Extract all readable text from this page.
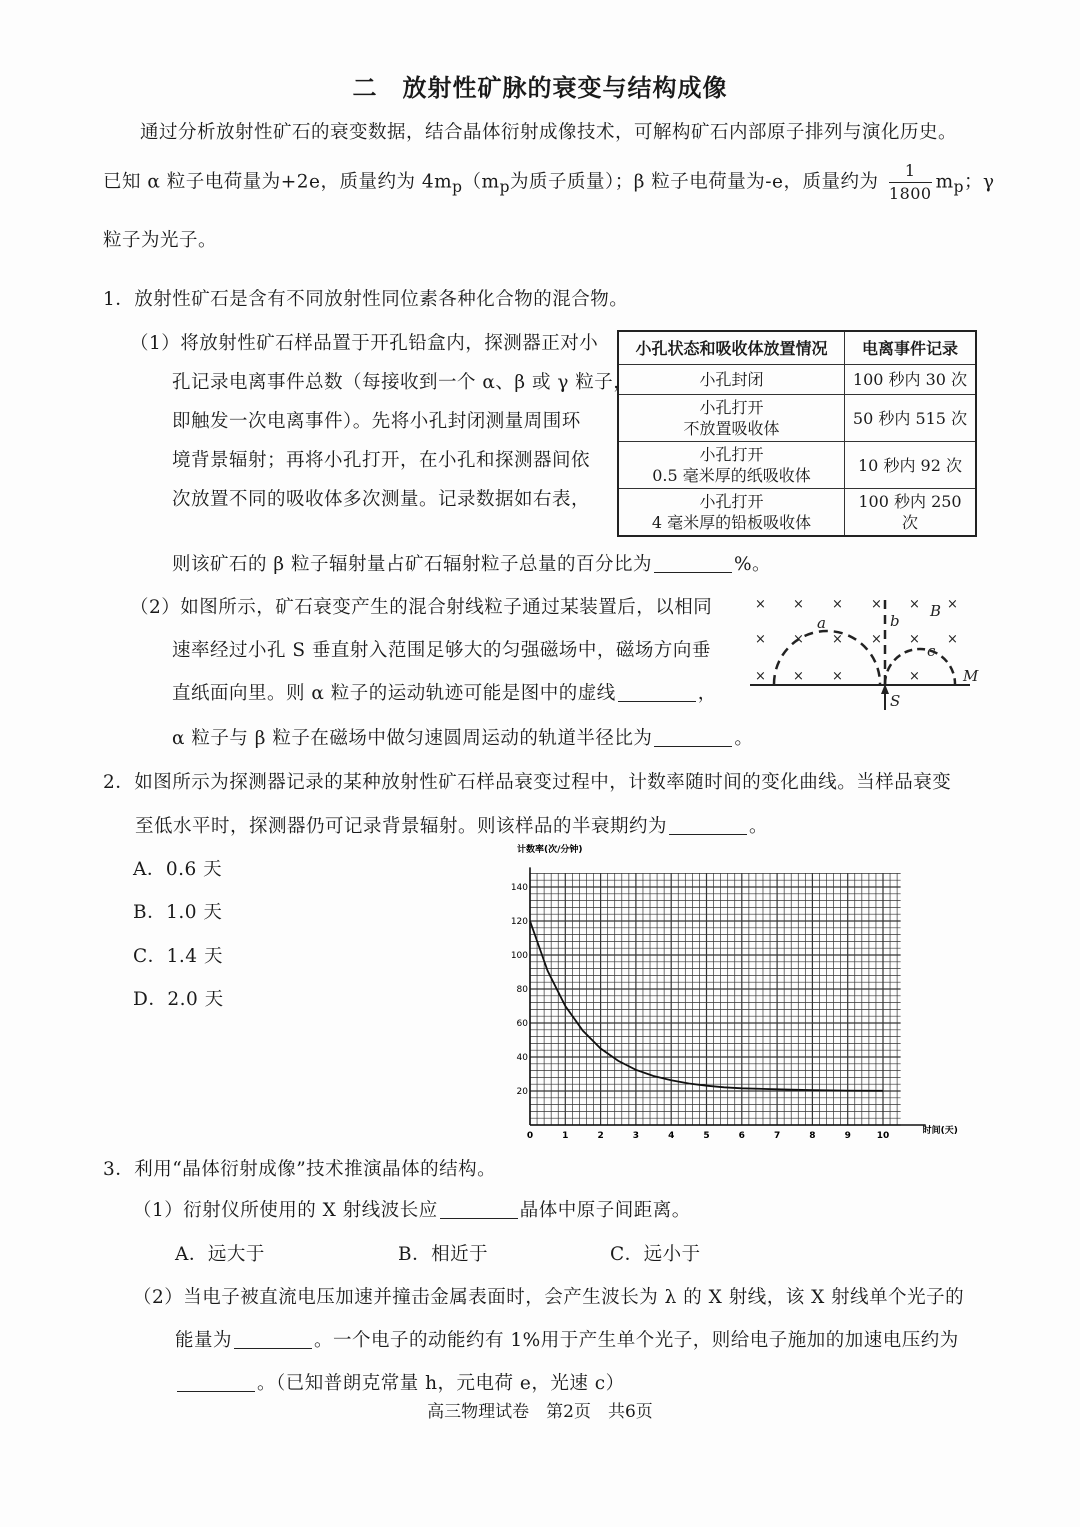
二　放射性矿脉的衰变与结构成像
通过分析放射性矿石的衰变数据，结合晶体衍射成像技术，可解构矿石内部原子排列与演化历史。
已知 α 粒子电荷量为+2e，质量约为 $4m_p(m_p$为质子质量）；β 粒子电荷量为-e，质量约为 $\frac{1}{1800} m_p$；γ
粒子为光子。
1．放射性矿石是含有不同放射性同位素各种化合物的混合物。
（1）将放射性矿石样品置于开孔铅盒内，探测器正对小
孔记录电离事件总数（每接收到一个 α、β 或 γ 粒子，
即触发一次电离事件）。先将小孔封闭测量周围环
境背景辐射；再将小孔打开，在小孔和探测器间依
次放置不同的吸收体多次测量。记录数据如右表，
则该矿石的 β 粒子辐射量占矿石辐射粒子总量的百分比为	%。
小孔状态和吸收体放置情况	电离事件记录
小孔封闭	100 秒内 30 次
小孔打开
不放置吸收体	50 秒内 515 次
小孔打开
0.5 毫米厚的纸吸收体	10 秒内 92 次
小孔打开
4 毫米厚的铅板吸收体	100 秒内 250 次
（2）如图所示，矿石衰变产生的混合射线粒子通过某装置后，以相同
速率经过小孔 S 垂直射入范围足够大的匀强磁场中，磁场方向垂
直纸面向里。则 α 粒子的运动轨迹可能是图中的虚线	，
α 粒子与 β 粒子在磁场中做匀速圆周运动的轨道半径比为	。
× × × × × ×
× × × × × ×
× × ×	×
a	b
c
B
M
S
2．如图所示为探测器记录的某种放射性矿石样品衰变过程中，计数率随时间的变化曲线。当样品衰变
至低水平时，探测器仍可记录背景辐射。则该样品的半衰期约为	。
A．0.6 天
B．1.0 天
C．1.4 天
D．2.0 天
0	1	2	3	4	5	6	7	8	9	10
20
40
60
80
100
120
140
计数率(次/分钟)
时间(天)
3．利用“晶体衍射成像”技术推演晶体的结构。
（1）衍射仪所使用的 X 射线波长应	晶体中原子间距离。
A．远大于	B．相近于	C．远小于
（2）当电子被直流电压加速并撞击金属表面时，会产生波长为 λ 的 X 射线，该 X 射线单个光子的
能量为	。一个电子的动能约有 1%用于产生单个光子，则给电子施加的加速电压约为
。（已知普朗克常量 h，元电荷 e，光速 c）
高三物理试卷　第2页　共6页
